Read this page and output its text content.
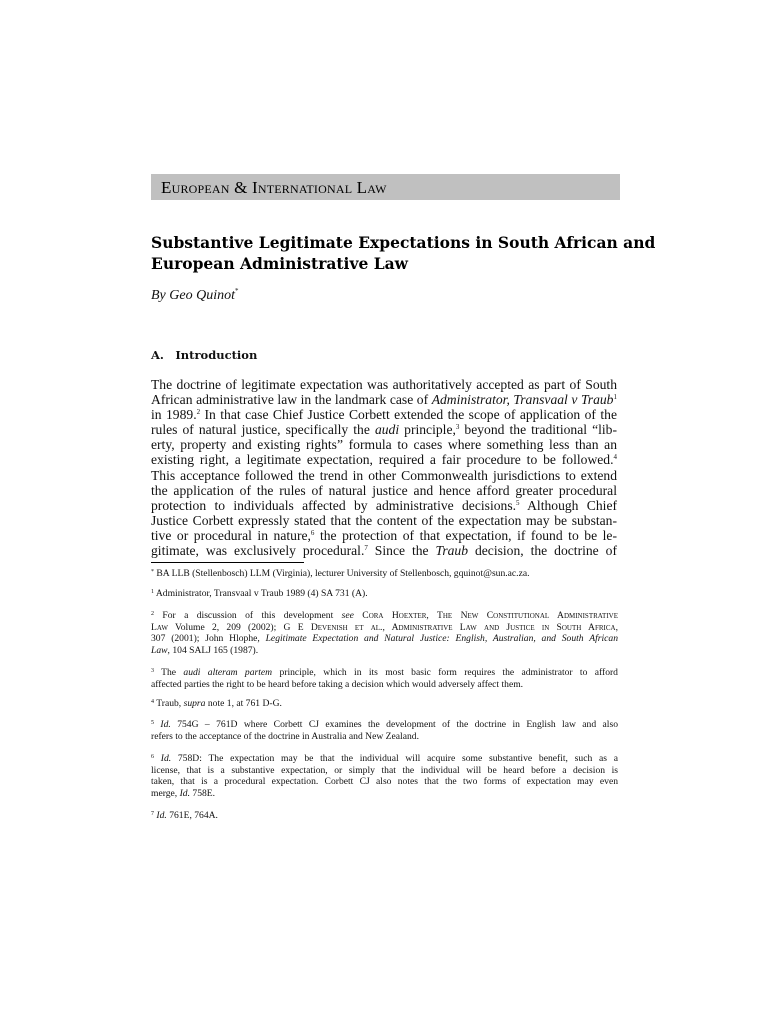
European & International Law
Substantive Legitimate Expectations in South African and
European Administrative Law
By Geo Quinot*
A. Introduction
The doctrine of legitimate expectation was authoritatively accepted as part of South
African administrative law in the landmark case of Administrator, Transvaal v Traub$^1$
in 1989.$^2$ In that case Chief Justice Corbett extended the scope of application of the
rules of natural justice, specifically the audi principle,$^3$ beyond the traditional “lib-
erty, property and existing rights” formula to cases where something less than an
existing right, a legitimate expectation, required a fair procedure to be followed.$^4$
This acceptance followed the trend in other Commonwealth jurisdictions to extend
the application of the rules of natural justice and hence afford greater procedural
protection to individuals affected by administrative decisions.$^5$ Although Chief
Justice Corbett expressly stated that the content of the expectation may be substan-
tive or procedural in nature,$^6$ the protection of that expectation, if found to be le-
gitimate, was exclusively procedural.$^7$ Since the Traub decision, the doctrine of
* BA LLB (Stellenbosch) LLM (Virginia), lecturer University of Stellenbosch, gquinot@sun.ac.za.
$^1$ Administrator, Transvaal v Traub 1989 (4) SA 731 (A).
$^2$ For a discussion of this development see Cora Hoexter, The New Constitutional Administrative
Law Volume 2, 209 (2002); G E Devenish et al., Administrative Law and Justice in South Africa,
307 (2001); John Hlophe, Legitimate Expectation and Natural Justice: English, Australian, and South African
Law, 104 SALJ 165 (1987).
$^3$ The audi alteram partem principle, which in its most basic form requires the administrator to afford
affected parties the right to be heard before taking a decision which would adversely affect them.
$^4$ Traub, supra note 1, at 761 D-G.
$^5$ Id. 754G – 761D where Corbett CJ examines the development of the doctrine in English law and also
refers to the acceptance of the doctrine in Australia and New Zealand.
$^6$ Id. 758D: The expectation may be that the individual will acquire some substantive benefit, such as a
license, that is a substantive expectation, or simply that the individual will be heard before a decision is
taken, that is a procedural expectation. Corbett CJ also notes that the two forms of expectation may even
merge, Id. 758E.
$^7$ Id. 761E, 764A.
